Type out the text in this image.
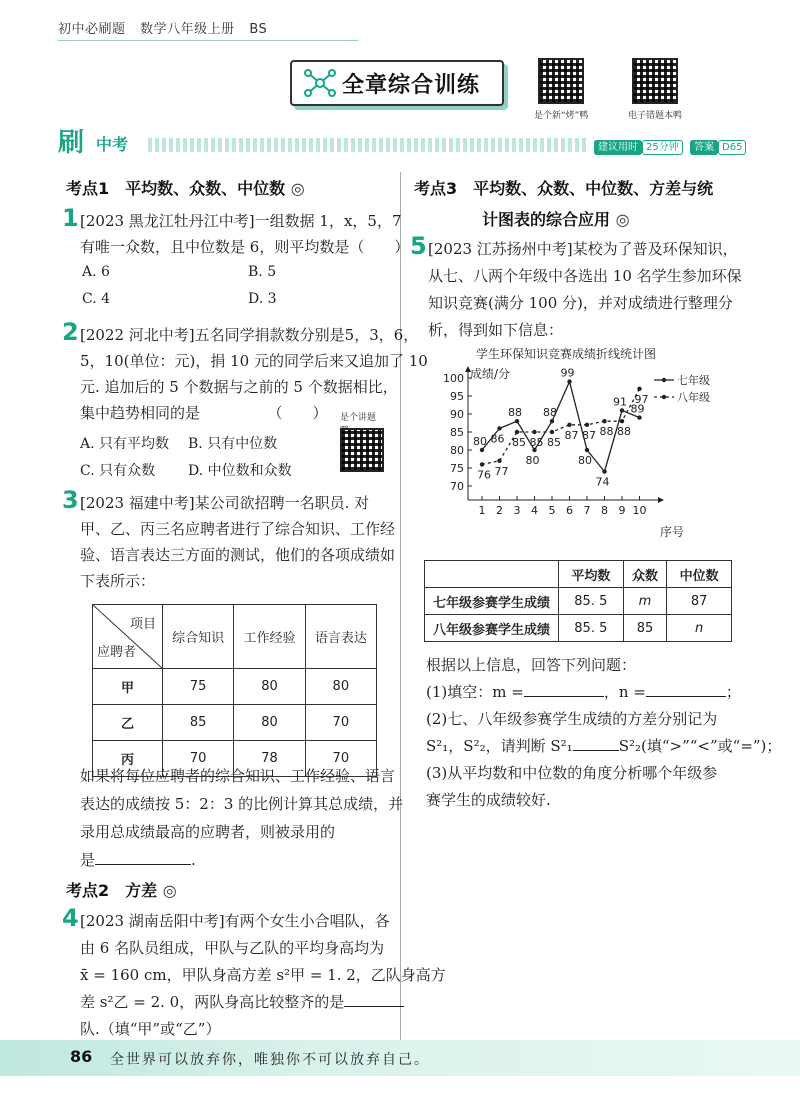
初中必刷题 数学八年级上册 BS
全章综合训练
是个新“烤”鸭	电子错题本鸭
刷 中考	建议用时 25分钟	答案 D65
考点1　平均数、众数、中位数 ◎
1 [2023 黑龙江牡丹江中考]一组数据 1，x，5，7
有唯一众数，且中位数是 6，则平均数是（　　）
A. 6	B. 5
C. 4	D. 3
2 [2022 河北中考]五名同学捐款数分别是5，3，6，
5，10(单位：元)，捐 10 元的同学后来又追加了 10
元. 追加后的 5 个数据与之前的 5 个数据相比，
集中趋势相同的是　　　　　（　　）	是个讲题
A. 只有平均数 B. 只有中位数
C. 只有众数 D. 中位数和众数
3 [2023 福建中考]某公司欲招聘一名职员. 对
甲、乙、丙三名应聘者进行了综合知识、工作经
验、语言表达三方面的测试，他们的各项成绩如
下表所示：
项目
应聘者	综合知识	工作经验	语言表达
甲	75	80	80
乙	85	80	70
丙	70	78	70
如果将每位应聘者的综合知识、工作经验、语言
表达的成绩按 5：2：3 的比例计算其总成绩，并
录用总成绩最高的应聘者，则被录用的
是	.
考点2　方差 ◎
4 [2023 湖南岳阳中考]有两个女生小合唱队，各
由 6 名队员组成，甲队与乙队的平均身高均为
x̄ = 160 cm，甲队身高方差 s²甲 = 1. 2，乙队身高方
差 s²乙 = 2. 0，两队身高比较整齐的是
队.（填“甲”或“乙”）
考点3　平均数、众数、中位数、方差与统
计图表的综合应用 ◎
5 [2023 江苏扬州中考]某校为了普及环保知识，
从七、八两个年级中各选出 10 名学生参加环保
知识竞赛(满分 100 分)，并对成绩进行整理分
析，得到如下信息：
学生环保知识竞赛成绩折线统计图
成绩/分
序号
70
75
80
85
90
95
100
1 2 3 4 5 6 7 8 9 10
80 86
88
80
88
99
80
74
91
89
七年级
76 77
85 85 85
87 87 88 88
97	八年级
	平均数	众数	中位数
七年级参赛学生成绩	85. 5	m	87
八年级参赛学生成绩	85. 5	85	n
根据以上信息，回答下列问题：
(1)填空：m =	，n =	；
(2)七、八年级参赛学生成绩的方差分别记为
S²₁，S²₂，请判断 S²₁	S²₂(填“>”“<”或“=”)；
(3)从平均数和中位数的角度分析哪个年级参
赛学生的成绩较好.
86 全世界可以放弃你，唯独你不可以放弃自己。
